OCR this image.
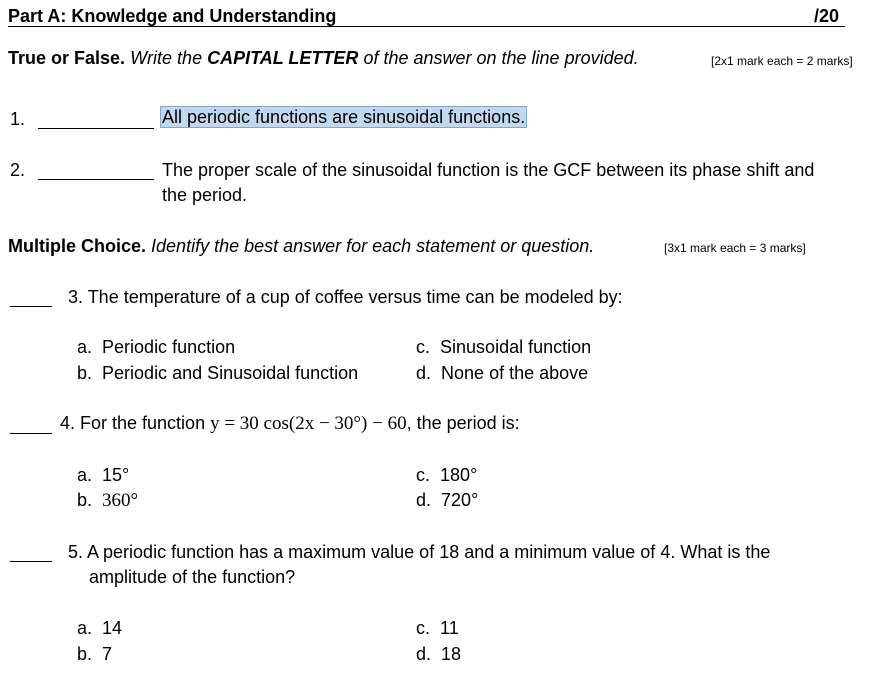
Part A: Knowledge and Understanding	/20
True or False. Write the CAPITAL LETTER of the answer on the line provided.	[2x1 mark each = 2 marks]
1.	All periodic functions are sinusoidal functions.
2.	The proper scale of the sinusoidal function is the GCF between its phase shift and
the period.
Multiple Choice. Identify the best answer for each statement or question.	[3x1 mark each = 3 marks]
3. The temperature of a cup of coffee versus time can be modeled by:
a. Periodic function
b. Periodic and Sinusoidal function
c. Sinusoidal function
d. None of the above
4. For the function y = 30 cos(2x − 30°) − 60, the period is:
a. 15°
b. 360°
c. 180°
d. 720°
5. A periodic function has a maximum value of 18 and a minimum value of 4. What is the
amplitude of the function?
a. 14
b. 7
c. 11
d. 18
